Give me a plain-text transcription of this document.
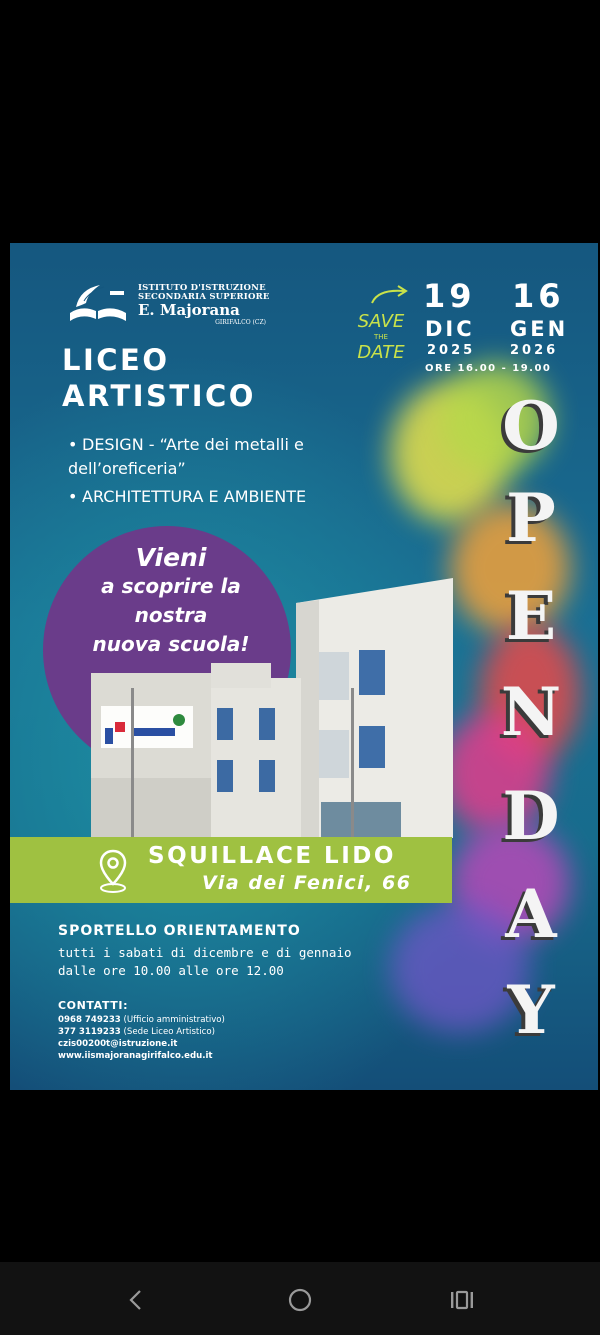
ISTITUTO D'ISTRUZIONE
SECONDARIA SUPERIORE
E. Majorana
GIRIFALCO (CZ)
LICEO
ARTISTICO
• DESIGN - “Arte dei metalli e dell’oreficeria”
• ARCHITETTURA E AMBIENTE
SAVE
THE
DATE
19
DIC
2025
16
GEN
2026
ORE 16.00 - 19.00
O
P
E
N
D
A
Y
Vieni
a scoprire la
nostra
nuova scuola!
SQUILLACE LIDO
Via dei Fenici, 66
SPORTELLO ORIENTAMENTO
tutti i sabati di dicembre e di gennaio
dalle ore 10.00 alle ore 12.00
CONTATTI:
0968 749233 (Ufficio amministrativo)
377 3119233 (Sede Liceo Artistico)
czis00200t@istruzione.it
www.iismajoranagirifalco.edu.it
